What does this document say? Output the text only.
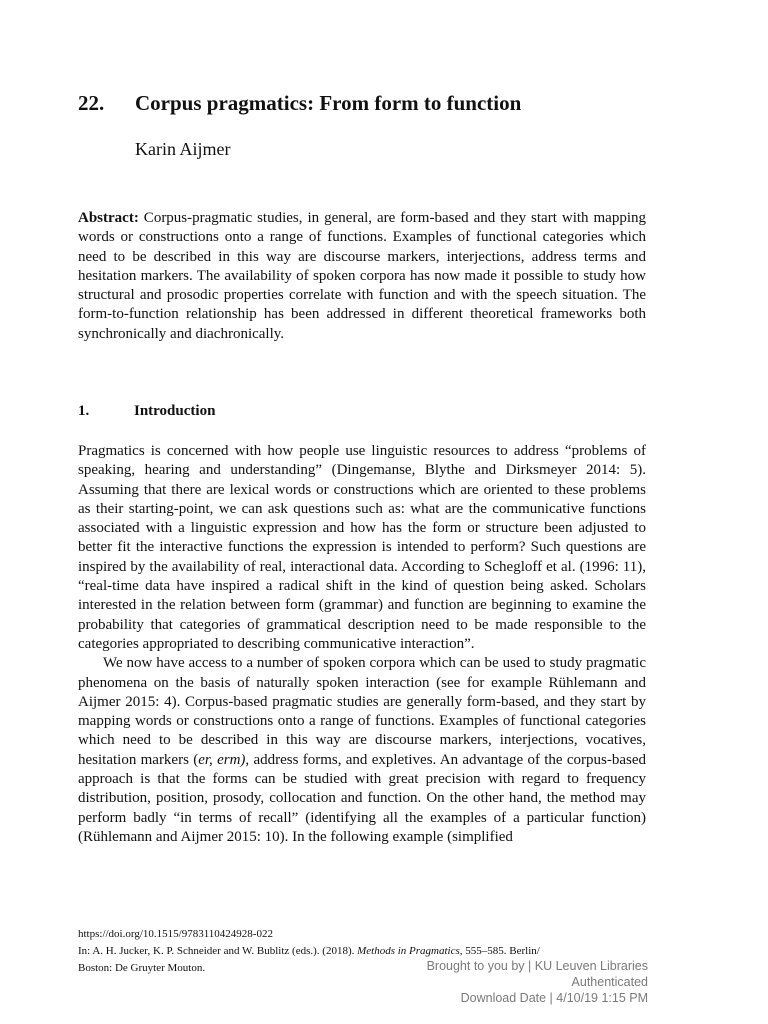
22. Corpus pragmatics: From form to function
Karin Aijmer

Abstract: Corpus-pragmatic studies, in general, are form-based and they start with mapping words or constructions onto a range of functions. Examples of functional categories which need to be described in this way are discourse markers, interjections, address terms and hesitation markers. The availability of spoken corpora has now made it possible to study how structural and prosodic properties correlate with function and with the speech situation. The form-to-function relationship has been addressed in different theoretical frameworks both synchronically and diachronically.

1.	Introduction

Pragmatics is concerned with how people use linguistic resources to address “problems of speaking, hearing and understanding” (Dingemanse, Blythe and Dirksmeyer 2014: 5). Assuming that there are lexical words or constructions which are oriented to these problems as their starting-point, we can ask questions such as: what are the communicative functions associated with a linguistic expression and how has the form or structure been adjusted to better fit the interactive functions the expression is intended to perform? Such questions are inspired by the availability of real, interactional data. According to Schegloff et al. (1996: 11), “real-time data have inspired a radical shift in the kind of question being asked. Scholars interested in the relation between form (grammar) and function are beginning to examine the probability that categories of grammatical description need to be made responsible to the categories appropriated to describing communicative interaction”.

We now have access to a number of spoken corpora which can be used to study pragmatic phenomena on the basis of naturally spoken interaction (see for example Rühlemann and Aijmer 2015: 4). Corpus-based pragmatic studies are generally form-based, and they start by mapping words or constructions onto a range of functions. Examples of functional categories which need to be described in this way are discourse markers, interjections, vocatives, hesitation markers (er, erm), address forms, and expletives. An advantage of the corpus-based approach is that the forms can be studied with great precision with regard to frequency distribution, position, prosody, collocation and function. On the other hand, the method may perform badly “in terms of recall” (identifying all the examples of a particular function) (Rühlemann and Aijmer 2015: 10). In the following example (simplified

https://doi.org/10.1515/9783110424928-022
In: A. H. Jucker, K. P. Schneider and W. Bublitz (eds.). (2018). Methods in Pragmatics, 555–585. Berlin/
Boston: De Gruyter Mouton.	Brought to you by | KU Leuven Libraries
Authenticated
Download Date | 4/10/19 1:15 PM
